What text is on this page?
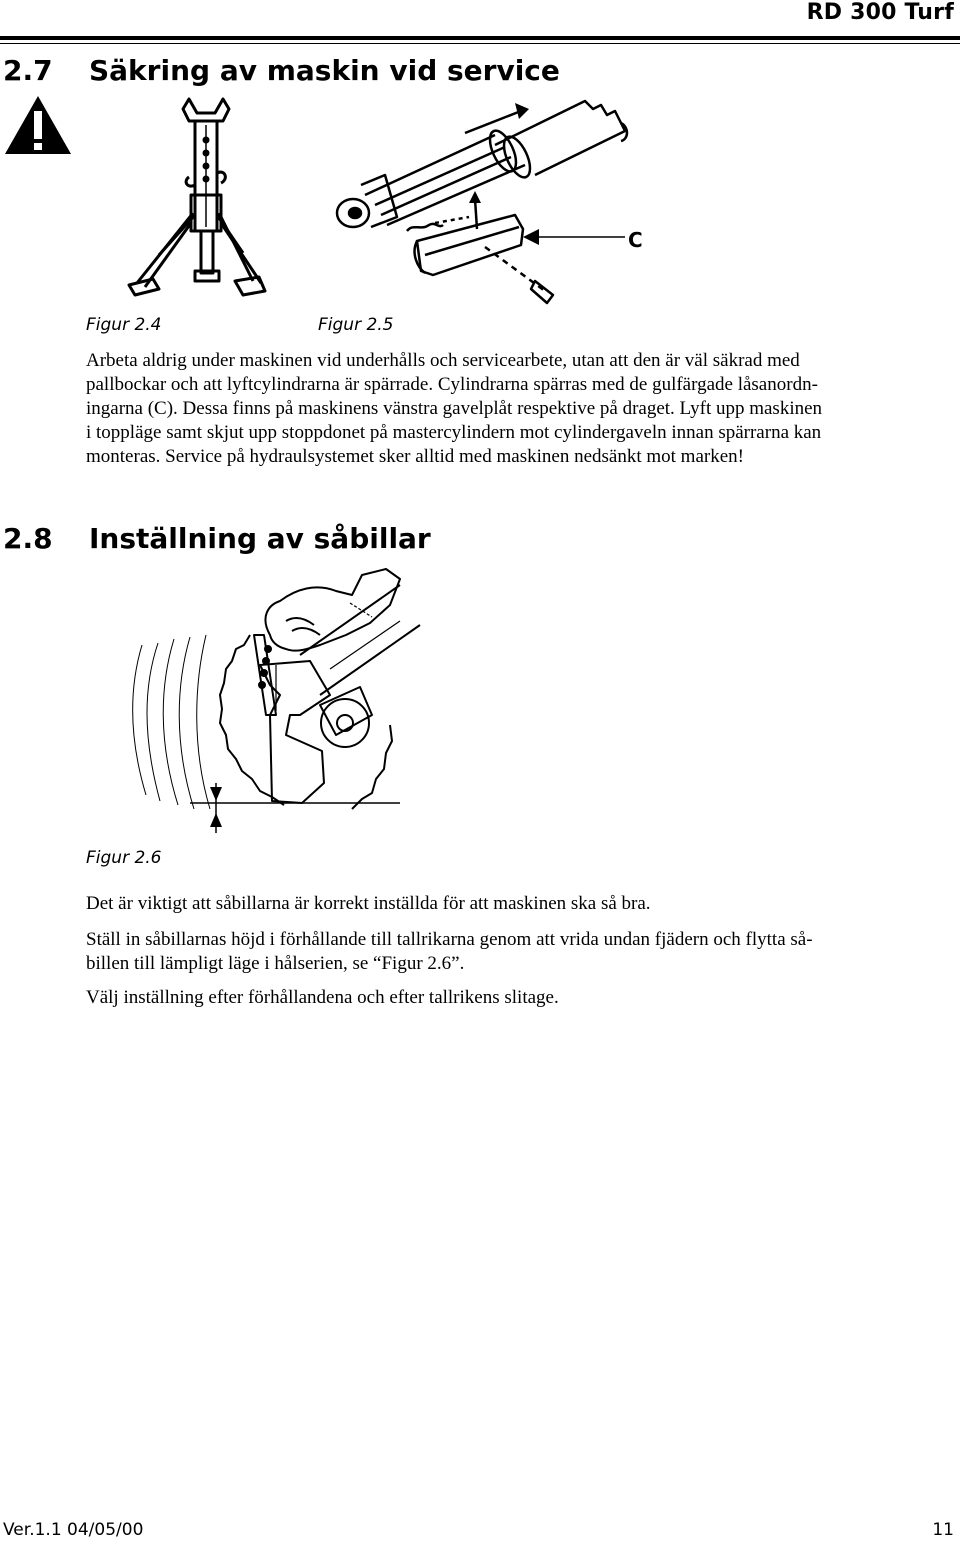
RD 300 Turf
2.7 Säkring av maskin vid service
C
Figur 2.4	Figur 2.5
Arbeta aldrig under maskinen vid underhålls och servicearbete, utan att den är väl säkrad med
pallbockar och att lyftcylindrarna är spärrade. Cylindrarna spärras med de gulfärgade låsanordn-
ingarna (C). Dessa finns på maskinens vänstra gavelplåt respektive på draget. Lyft upp maskinen
i toppläge samt skjut upp stoppdonet på mastercylindern mot cylindergaveln innan spärrarna kan
monteras. Service på hydraulsystemet sker alltid med maskinen nedsänkt mot marken!
2.8 Inställning av såbillar
Figur 2.6
Det är viktigt att såbillarna är korrekt inställda för att maskinen ska så bra.
Ställ in såbillarnas höjd i förhållande till tallrikarna genom att vrida undan fjädern och flytta så-
billen till lämpligt läge i hålserien, se “Figur 2.6”.
Välj inställning efter förhållandena och efter tallrikens slitage.
Ver.1.1 04/05/00	11
